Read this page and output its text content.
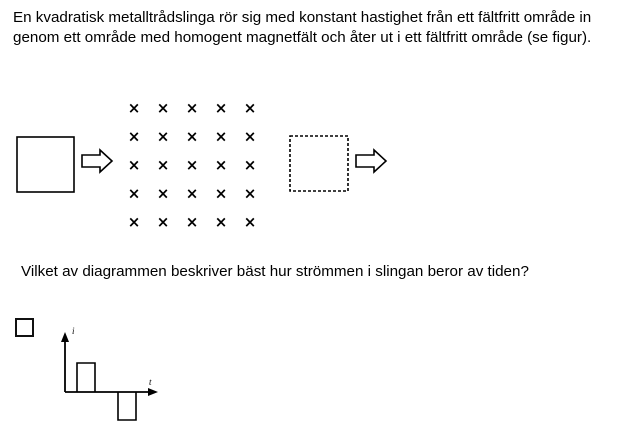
En kvadratisk metalltrådslinga rör sig med konstant hastighet från ett fältfritt område in genom ett område med homogent magnetfält och åter ut i ett fältfritt område (se figur).
× × × × ×
× × × × ×
× × × × ×
× × × × ×
× × × × ×
i
t
Vilket av diagrammen beskriver bäst hur strömmen i slingan beror av tiden?
